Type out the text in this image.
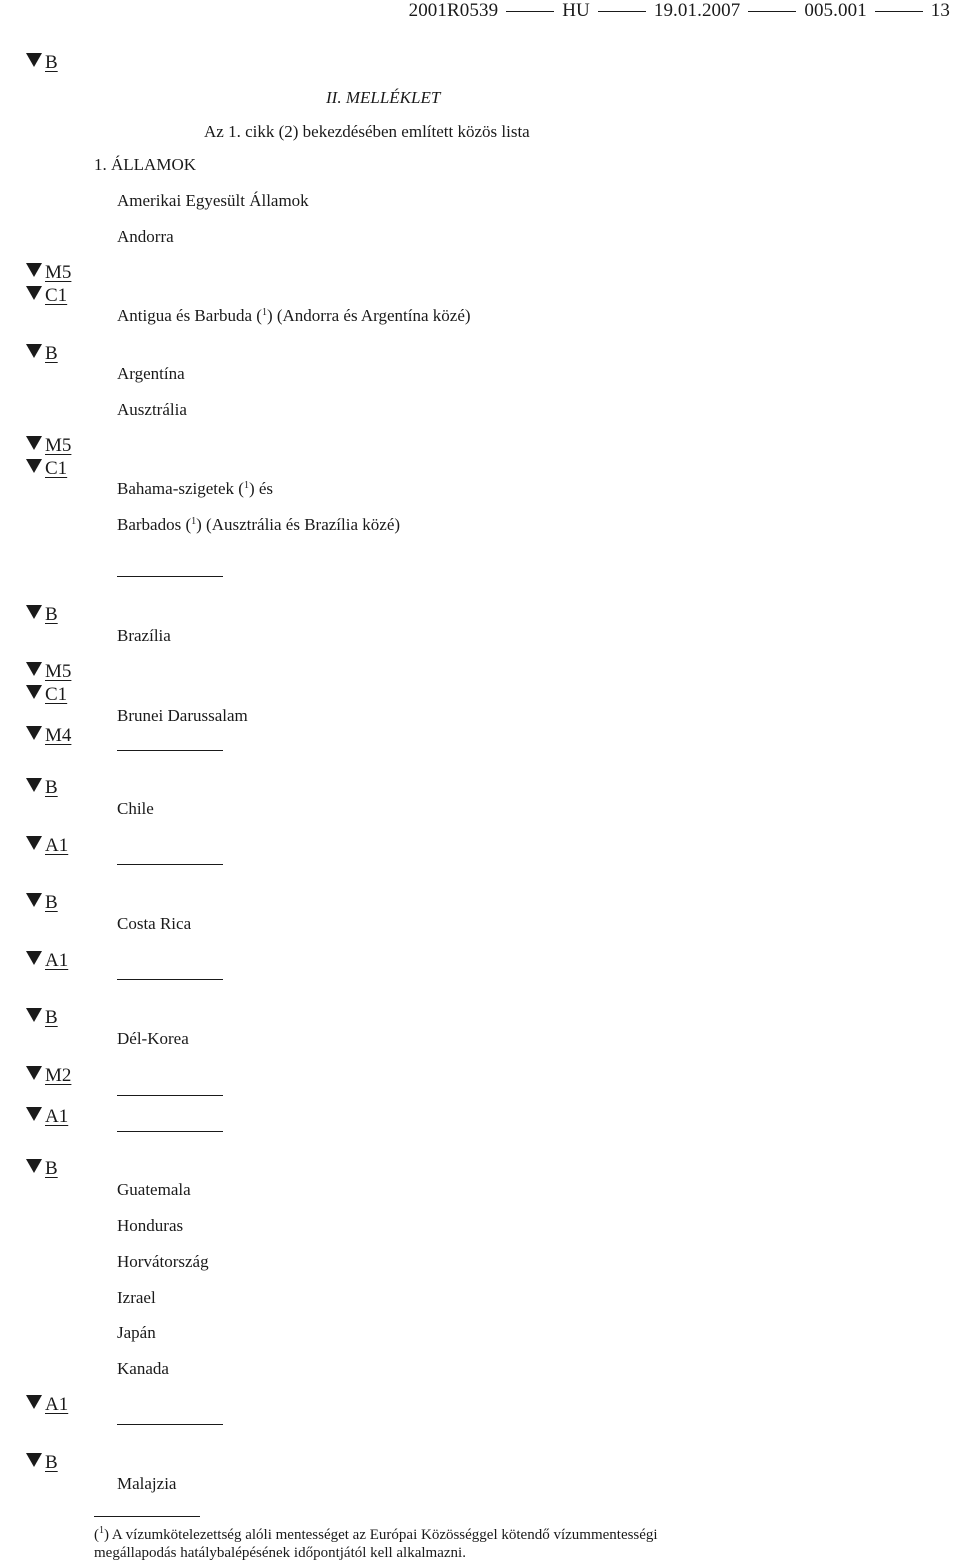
2001R0539	HU	19.01.2007	005.001	13
B
M5
C1
B
M5
C1
B
M5
C1
M4
B
A1
B
A1
B
M2
A1
B
A1
B
II. MELLÉKLET
Az 1. cikk (2) bekezdésében említett közös lista
1. ÁLLAMOK
Amerikai Egyesült Államok
Andorra
Antigua és Barbuda ($^1$) (Andorra és Argentína közé)
Argentína
Ausztrália
Bahama-szigetek ($^1$) és
Barbados ($^1$) (Ausztrália és Brazília közé)
Brazília
Brunei Darussalam
Chile
Costa Rica
Dél-Korea
Guatemala
Honduras
Horvátország
Izrael
Japán
Kanada
Malajzia
($^1$) A vízumkötelezettség alóli mentességet az Európai Közösséggel kötendő vízummentességi megállapodás hatálybalépésének időpontjától kell alkalmazni.
